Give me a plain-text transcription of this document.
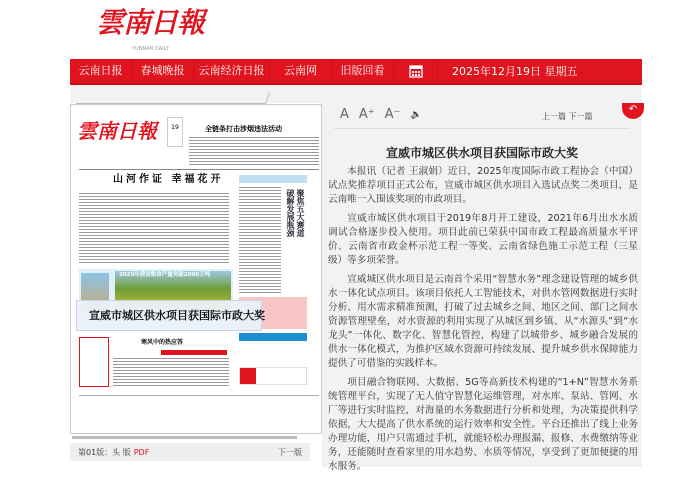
雲南日報
YUNNAN DAILY
云南日报	春城晚报	云南经济日报	云南网	旧版回看	2025年12月19日 星期五
雲南日報	19	全链条打击涉烟违法活动
山河作证 幸福花开
聚焦五大赛道 破解发展瓶颈
2025年我省粮食产量突破2000万吨
寒风中的热应答
第01版：头 版 PDF	下一版
A A⁺ A⁻ 🔈	上一篇 下一篇
↶
宣威市城区供水项目获国际市政大奖

本报讯（记者 王淑娟）近日，2025年度国际市政工程协会（中国）试点奖推荐项目正式公布，宣威市城区供水项目入选试点奖二类项目，是云南唯一入围该奖项的市政项目。

宣威市城区供水项目于2019年8月开工建设，2021年6月出水水质调试合格逐步投入使用。项目此前已荣获中国市政工程最高质量水平评价、云南省市政金杯示范工程一等奖、云南省绿色施工示范工程（三星级）等多项荣誉。

宣威城区供水项目是云南首个采用“智慧水务”理念建设管理的城乡供水一体化试点项目。该项目依托人工智能技术，对供水管网数据进行实时分析、用水需求精准预测，打破了过去城乡之间、地区之间、部门之间水资源管理壁垒，对水资源的利用实现了从城区到乡镇、从“水源头”到“水龙头”一体化、数字化、智慧化管控，构建了以城带乡、城乡融合发展的供水一体化模式，为推护区域水资源可持续发展、提升城乡供水保障能力提供了可借鉴的实践样本。

项目融合物联网、大数据、5G等高新技术构建的“1+N”智慧水务系统管理平台，实现了无人值守智慧化运维管理，对水库、泵站、管网、水厂等进行实时监控，对海量的水务数据进行分析和处理，为决策提供科学依据，大大提高了供水系统的运行效率和安全性。平台还推出了线上业务办理功能，用户只需通过手机，就能轻松办理报漏、报修、水费缴纳等业务，还能随时查看家里的用水趋势、水质等情况，享受到了更加便捷的用水服务。

宣威市城区供水项目获国际市政大奖
